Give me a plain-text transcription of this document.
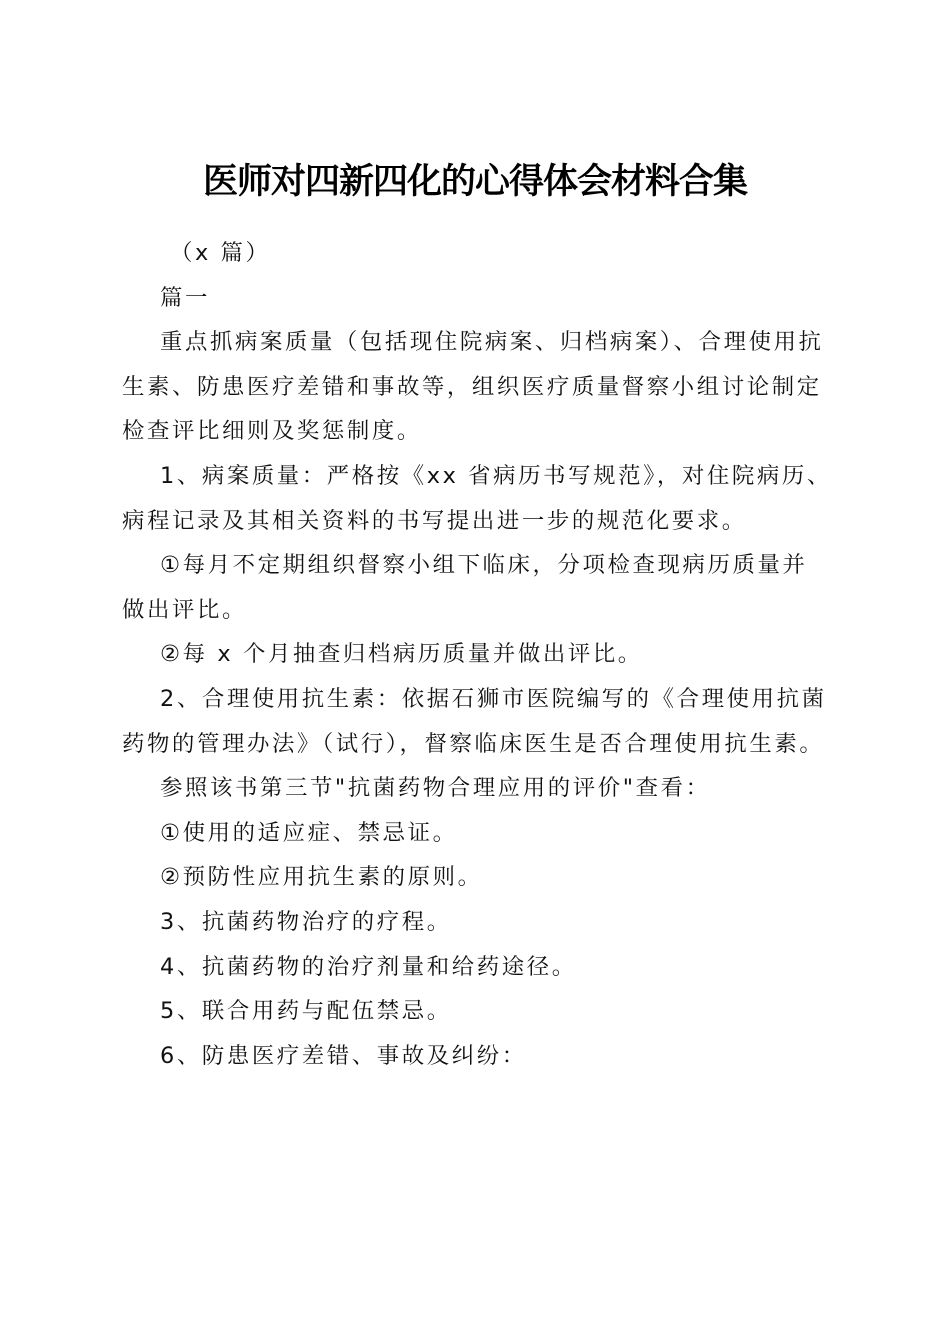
医师对四新四化的心得体会材料合集

（x 篇）

篇一

重点抓病案质量（包括现住院病案、归档病案）、合理使用抗生素、防患医疗差错和事故等，组织医疗质量督察小组讨论制定检查评比细则及奖惩制度。

1、病案质量：严格按《xx 省病历书写规范》，对住院病历、病程记录及其相关资料的书写提出进一步的规范化要求。

①每月不定期组织督察小组下临床，分项检查现病历质量并做出评比。

②每 x 个月抽查归档病历质量并做出评比。

2、合理使用抗生素：依据石狮市医院编写的《合理使用抗菌药物的管理办法》（试行），督察临床医生是否合理使用抗生素。

参照该书第三节"抗菌药物合理应用的评价"查看：

①使用的适应症、禁忌证。

②预防性应用抗生素的原则。

3、抗菌药物治疗的疗程。

4、抗菌药物的治疗剂量和给药途径。

5、联合用药与配伍禁忌。

6、防患医疗差错、事故及纠纷：
